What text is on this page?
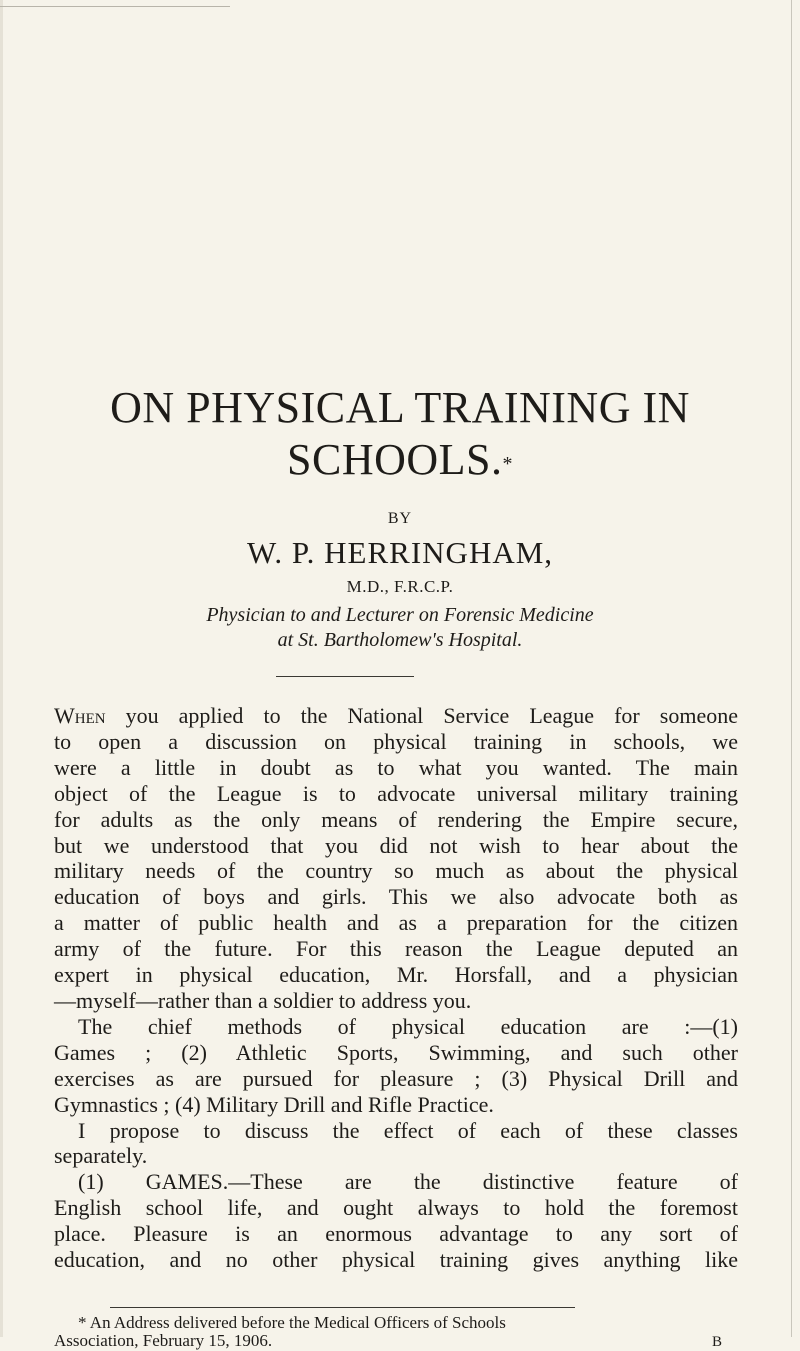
ON PHYSICAL TRAINING IN
SCHOOLS.*
BY
W. P. HERRINGHAM,
M.D., F.R.C.P.
Physician to and Lecturer on Forensic Medicine
at St. Bartholomew's Hospital.
When you applied to the National Service League for someone
to open a discussion on physical training in schools, we
were a little in doubt as to what you wanted. The main
object of the League is to advocate universal military training
for adults as the only means of rendering the Empire secure,
but we understood that you did not wish to hear about the
military needs of the country so much as about the physical
education of boys and girls. This we also advocate both as
a matter of public health and as a preparation for the citizen
army of the future. For this reason the League deputed an
expert in physical education, Mr. Horsfall, and a physician
—myself—rather than a soldier to address you.
The chief methods of physical education are :—(1)
Games ; (2) Athletic Sports, Swimming, and such other
exercises as are pursued for pleasure ; (3) Physical Drill and
Gymnastics ; (4) Military Drill and Rifle Practice.
I propose to discuss the effect of each of these classes
separately.
(1) GAMES.—These are the distinctive feature of
English school life, and ought always to hold the foremost
place. Pleasure is an enormous advantage to any sort of
education, and no other physical training gives anything like
* An Address delivered before the Medical Officers of Schools
Association, February 15, 1906.	B
